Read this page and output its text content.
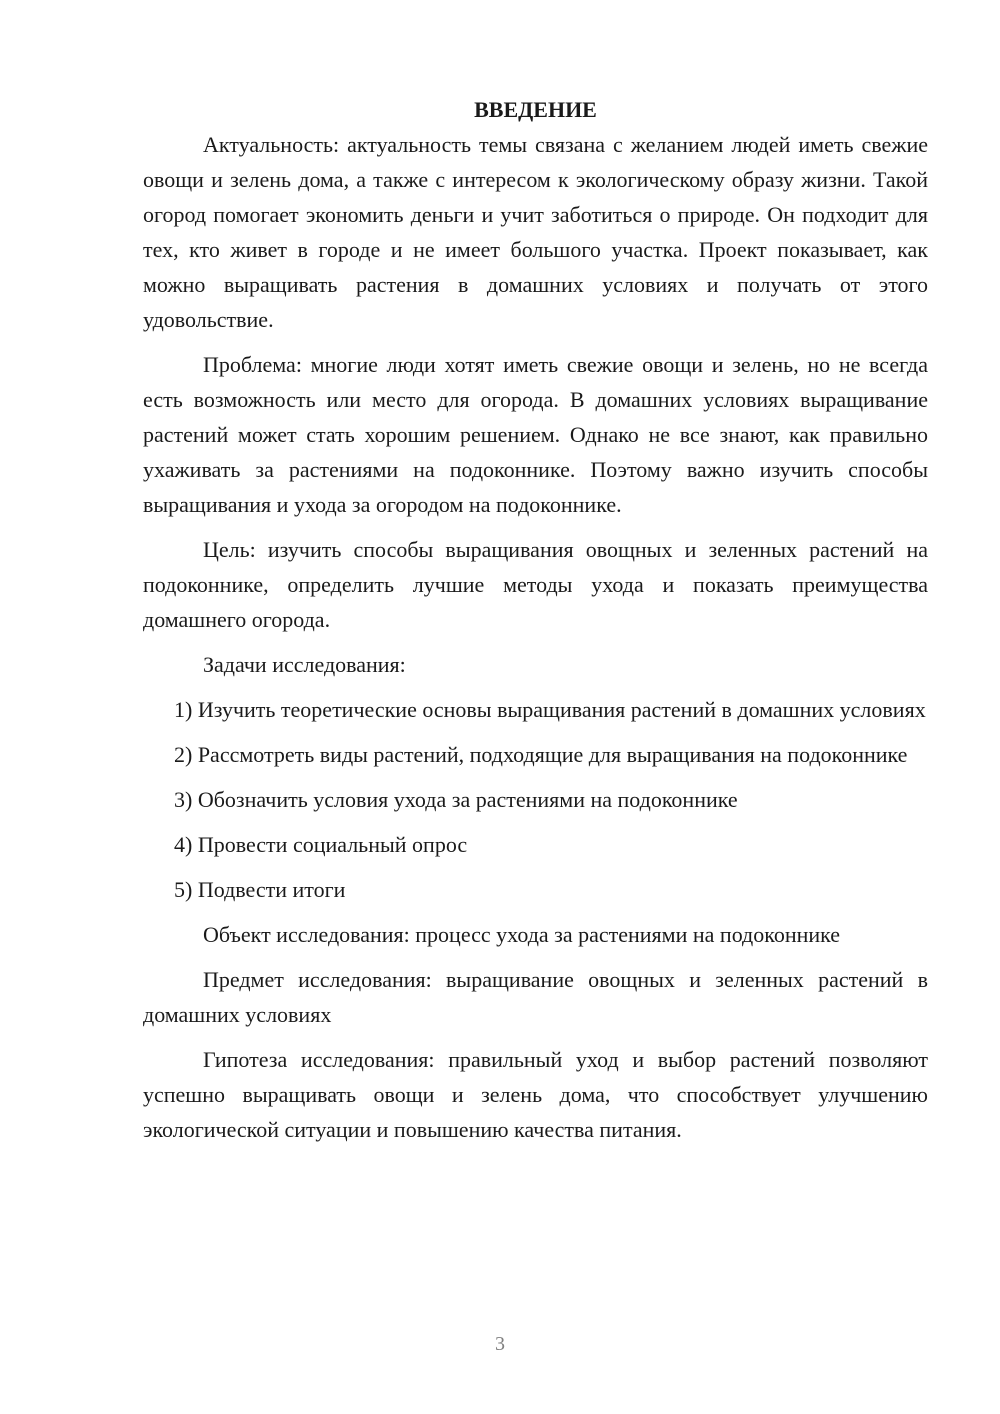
ВВЕДЕНИЕ

Актуальность: актуальность темы связана с желанием людей иметь свежие овощи и зелень дома, а также с интересом к экологическому образу жизни. Такой огород помогает экономить деньги и учит заботиться о природе. Он подходит для тех, кто живет в городе и не имеет большого участка. Проект показывает, как можно выращивать растения в домашних условиях и получать от этого удовольствие.

Проблема: многие люди хотят иметь свежие овощи и зелень, но не всегда есть возможность или место для огорода. В домашних условиях выращивание растений может стать хорошим решением. Однако не все знают, как правильно ухаживать за растениями на подоконнике. Поэтому важно изучить способы выращивания и ухода за огородом на подоконнике.

Цель: изучить способы выращивания овощных и зеленных растений на подоконнике, определить лучшие методы ухода и показать преимущества домашнего огорода.

Задачи исследования:

1) Изучить теоретические основы выращивания растений в домашних условиях

2) Рассмотреть виды растений, подходящие для выращивания на подоконнике

3) Обозначить условия ухода за растениями на подоконнике

4) Провести социальный опрос

5) Подвести итоги

Объект исследования: процесс ухода за растениями на подоконнике

Предмет исследования: выращивание овощных и зеленных растений в домашних условиях

Гипотеза исследования: правильный уход и выбор растений позволяют успешно выращивать овощи и зелень дома, что способствует улучшению экологической ситуации и повышению качества питания.

3
